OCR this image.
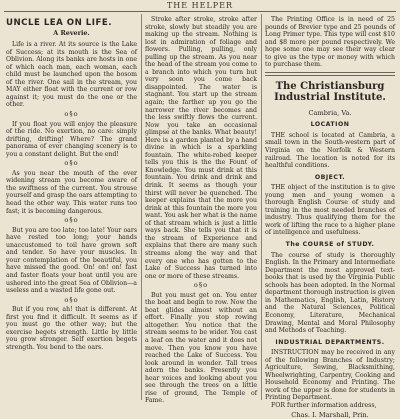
THE HELPER
UNCLE LEA ON LIFE.
A Reverie.

Life is a river. At its source is the Lake of Success; at its mouth is the Sea of Oblivion. Along its banks are hosts in one of which each man, each woman, each child must be launched upon the bosom of the river. One sail in the stream, you MAY either float with the current or row against it; you must do the one or the other.

o§o

If you float you will enjoy the pleasure of the ride. No exertion, no care: simply drifting, drifting! Where? The grand panorama of ever changing scenery is to you a constant delight. But the end!

o§o

As you near the mouth of the ever widening stream you become aware of the swiftness of the current. You strouse yourself and grasp the oars attempting to head the other way. This water runs too fast; it is becoming dangerous.

o§o

But you are too late; too late! Your oars have rested too long; your hands unaccustomed to toil have grown soft and tender. So have your muscles. In your contemplation of the beautiful, you have missed the good. On! on! on! fast and faster floats your boat until you are ushered into the great Sea of Oblivion—a useless and a wasted life gone out.

o§o

But if you row, ah! that is different. At first you find it difficult. It seems as if you must go the other way; but the exercise begets strength. Little by little you grow stronger. Self exertion begets strength. You bend to the oars.

Stroke after stroke, stroke after stroke, slowly but steadily you are making up the stream. Nothing is lost in admiration of foliage and flowers. Pulling, pulling, only pulling up the stream. As you near the head of the stream you come to a branch into which you turn but very soon you come back disappointed. The water is stagnant. You start up the stream again; the farther up you go the narrower the river becomes and the less swiftly flows the current. Now you take an occasional glimpse at the banks. What beauty! Here is a garden planted by a hand divine in which is a sparkling fountain. The white-robed keeper tells you this is the the Fount of Knowledge. You must drink at this fountain. You drink and drink and drink. It seems as though your thirst will never be quenched. The keeper explains that the more you drink at this fountain the more you want. You ask her what is the name of that stream which is just a little ways back. She tells you that it is the stream of Experience and explains that there are many such streams along the way and that every one who has gotten to the Lake of Success has turned into one or more of these streams.

o§o

But you must get on. You enter the boat and begin to row. Now the boat glides almost without an effort. Finally you stop rowing altogether. You notice that the stream seems to be wider. You cast a leaf on the water and it does not move. Then you know you have reached the Lake of Success. You look around in wonder. Tall trees adorn the banks. Presently you hear voices and looking about you see through the trees on a little rise of ground, The Temple of Fame.

The Printing Office is in need of 25 pounds of Brevier type and 25 pounds of Long Primer type. This type will cost $10 and $8 more per pound respectively. We hope some one may see their way clear to give us the type or money with which to purchase them.

The Christiansburg Industrial Institute.
Cambria, Va.
LOCATION

THE school is located at Cambria, a small town in the South-western part of Virginia on the Norfolk & Western railroad. The location is noted for its healthful conditions.

OBJECT.

THE object of the institution is to give young men and young women a thorough English Course of study and training in the most needed branches of industry. Thus qualifying them for the work of lifting the race to a higher plane of intelligence and usefulness.

The COURSE of STUDY.

The course of study is thoroughly English. In the Primary and Intermediate Department the most approved text-books that is used by the Virginia Public schools has been adopted. In the Normal department thorough instruction is given in Mathematics, English, Latin, History and the Natural Sciences, Political Economy, Literature, Mechanical Drawing, Mental and Moral Philosophy and Methods of Teaching.

INDUSTRIAL DEPARTMENTS.

INSTRUCTION may be received in any of the following Branches of Industry; Agriculture, Sewing, Blacksmithing, Wheelwrighting, Carpentry, Cooking and Household Economy and Printing. The work of the upper is done for students in Printing Department.

FOR further information address,

Chas. I. Marshall, Prin.
